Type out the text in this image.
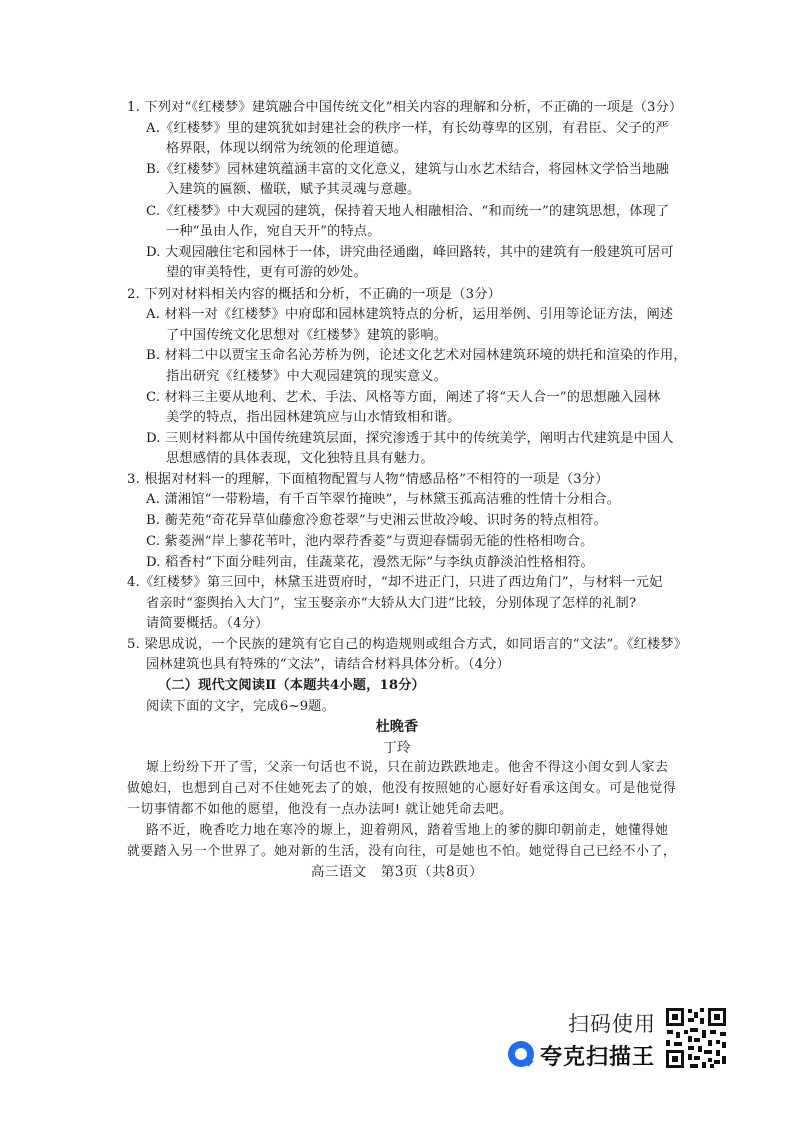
1. 下列对“《红楼梦》建筑融合中国传统文化”相关内容的理解和分析，不正确的一项是（3分）
A.《红楼梦》里的建筑犹如封建社会的秩序一样，有长幼尊卑的区别，有君臣、父子的严
格界限，体现以纲常为统领的伦理道德。
B.《红楼梦》园林建筑蕴涵丰富的文化意义，建筑与山水艺术结合，将园林文学恰当地融
入建筑的匾额、楹联，赋予其灵魂与意趣。
C.《红楼梦》中大观园的建筑，保持着天地人相融相洽、“和而统一”的建筑思想，体现了
一种“虽由人作，宛自天开”的特点。
D. 大观园融住宅和园林于一体，讲究曲径通幽，峰回路转，其中的建筑有一般建筑可居可
望的审美特性，更有可游的妙处。
2. 下列对材料相关内容的概括和分析，不正确的一项是（3分）
A. 材料一对《红楼梦》中府邸和园林建筑特点的分析，运用举例、引用等论证方法，阐述
了中国传统文化思想对《红楼梦》建筑的影响。
B. 材料二中以贾宝玉命名沁芳桥为例，论述文化艺术对园林建筑环境的烘托和渲染的作用，
指出研究《红楼梦》中大观园建筑的现实意义。
C. 材料三主要从地利、艺术、手法、风格等方面，阐述了将“天人合一”的思想融入园林
美学的特点，指出园林建筑应与山水情致相和谐。
D. 三则材料都从中国传统建筑层面，探究渗透于其中的传统美学，阐明古代建筑是中国人
思想感情的具体表现，文化独特且具有魅力。
3. 根据对材料一的理解，下面植物配置与人物“情感品格”不相符的一项是（3分）
A. 潇湘馆“一带粉墙，有千百竿翠竹掩映”，与林黛玉孤高洁雅的性情十分相合。
B. 蘅芜苑“奇花异草仙藤愈冷愈苍翠”与史湘云世故冷峻、识时务的特点相符。
C. 紫菱洲“岸上蓼花苇叶，池内翠荇香菱”与贾迎春懦弱无能的性格相吻合。
D. 稻香村“下面分畦列亩，佳蔬菜花，漫然无际”与李纨贞静淡泊性格相符。
4.《红楼梦》第三回中，林黛玉进贾府时，“却不进正门，只进了西边角门”，与材料一元妃
省亲时“銮舆抬入大门”，宝玉娶亲亦“大轿从大门进”比较，分别体现了怎样的礼制?
请简要概括。（4分）
5. 梁思成说，一个民族的建筑有它自己的构造规则或组合方式，如同语言的“文法”。《红楼梦》
园林建筑也具有特殊的“文法”，请结合材料具体分析。（4分）
（二）现代文阅读Ⅱ（本题共4小题，18分）
阅读下面的文字，完成6~9题。
杜晚香
丁玲
塬上纷纷下开了雪，父亲一句话也不说，只在前边跌跌地走。他舍不得这小闺女到人家去
做媳妇，也想到自己对不住她死去了的娘，他没有按照她的心愿好好看承这闺女。可是他觉得
一切事情都不如他的愿望，他没有一点办法呵! 就让她凭命去吧。
路不近，晚香吃力地在寒冷的塬上，迎着朔风，踏着雪地上的爹的脚印朝前走，她懂得她
就要踏入另一个世界了。她对新的生活，没有向往，可是她也不怕。她觉得自己已经不小了，
高三语文　第3页（共8页）
扫码使用
夸克扫描王
